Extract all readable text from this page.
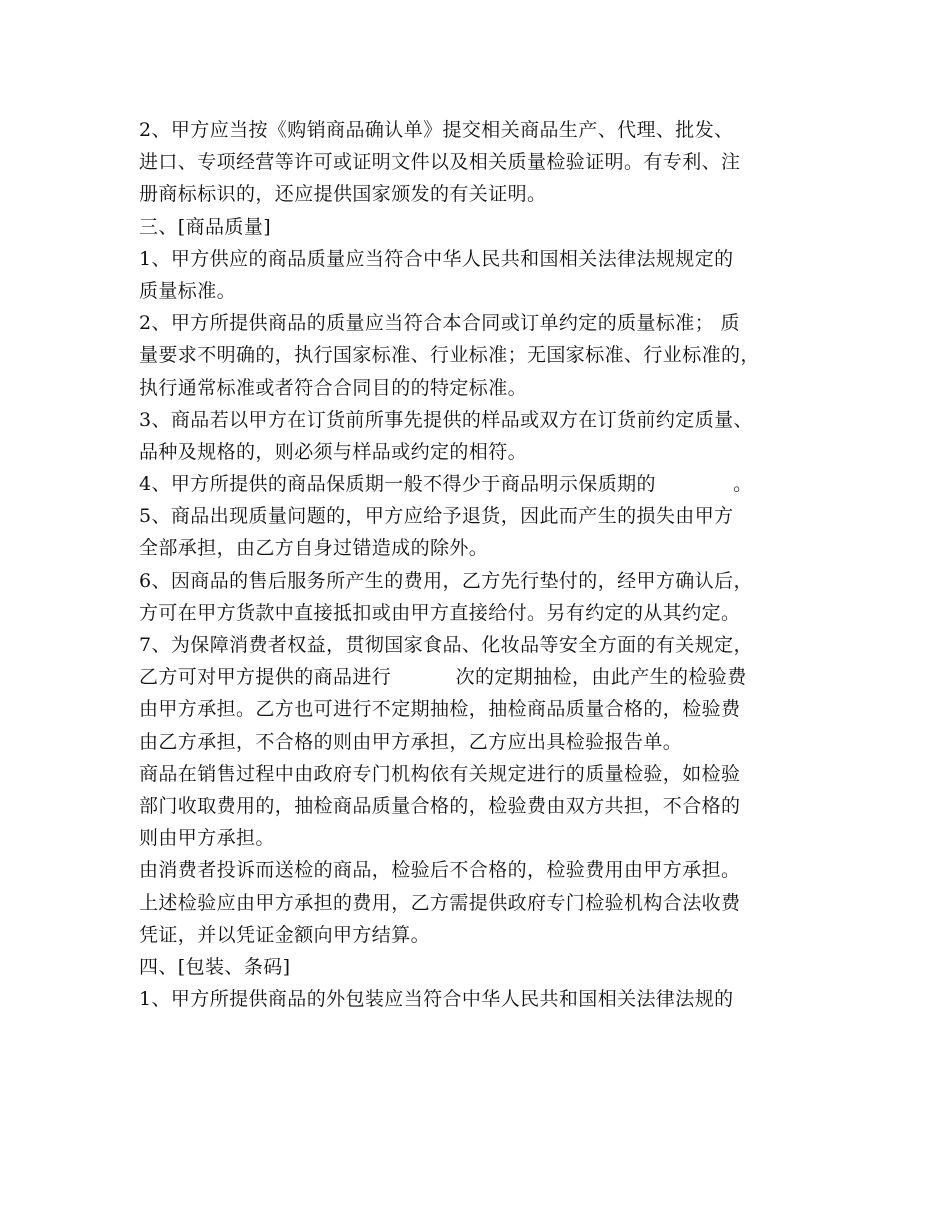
2、甲方应当按《购销商品确认单》提交相关商品生产、代理、批发、
进口、专项经营等许可或证明文件以及相关质量检验证明。有专利、注
册商标标识的，还应提供国家颁发的有关证明。
三、[商品质量]
1、甲方供应的商品质量应当符合中华人民共和国相关法律法规规定的
质量标准。
2、甲方所提供商品的质量应当符合本合同或订单约定的质量标准； 质
量要求不明确的，执行国家标准、行业标准；无国家标准、行业标准的，
执行通常标准或者符合合同目的的特定标准。
3、商品若以甲方在订货前所事先提供的样品或双方在订货前约定质量、
品种及规格的，则必须与样品或约定的相符。
4、甲方所提供的商品保质期一般不得少于商品明示保质期的            。
5、商品出现质量问题的，甲方应给予退货，因此而产生的损失由甲方
全部承担，由乙方自身过错造成的除外。
6、因商品的售后服务所产生的费用，乙方先行垫付的，经甲方确认后，
方可在甲方货款中直接抵扣或由甲方直接给付。另有约定的从其约定。
7、为保障消费者权益，贯彻国家食品、化妆品等安全方面的有关规定，
乙方可对甲方提供的商品进行          次的定期抽检，由此产生的检验费
由甲方承担。乙方也可进行不定期抽检，抽检商品质量合格的，检验费
由乙方承担，不合格的则由甲方承担，乙方应出具检验报告单。
商品在销售过程中由政府专门机构依有关规定进行的质量检验，如检验
部门收取费用的，抽检商品质量合格的，检验费由双方共担，不合格的
则由甲方承担。
由消费者投诉而送检的商品，检验后不合格的，检验费用由甲方承担。
上述检验应由甲方承担的费用，乙方需提供政府专门检验机构合法收费
凭证，并以凭证金额向甲方结算。
四、[包装、条码]
1、甲方所提供商品的外包装应当符合中华人民共和国相关法律法规的
